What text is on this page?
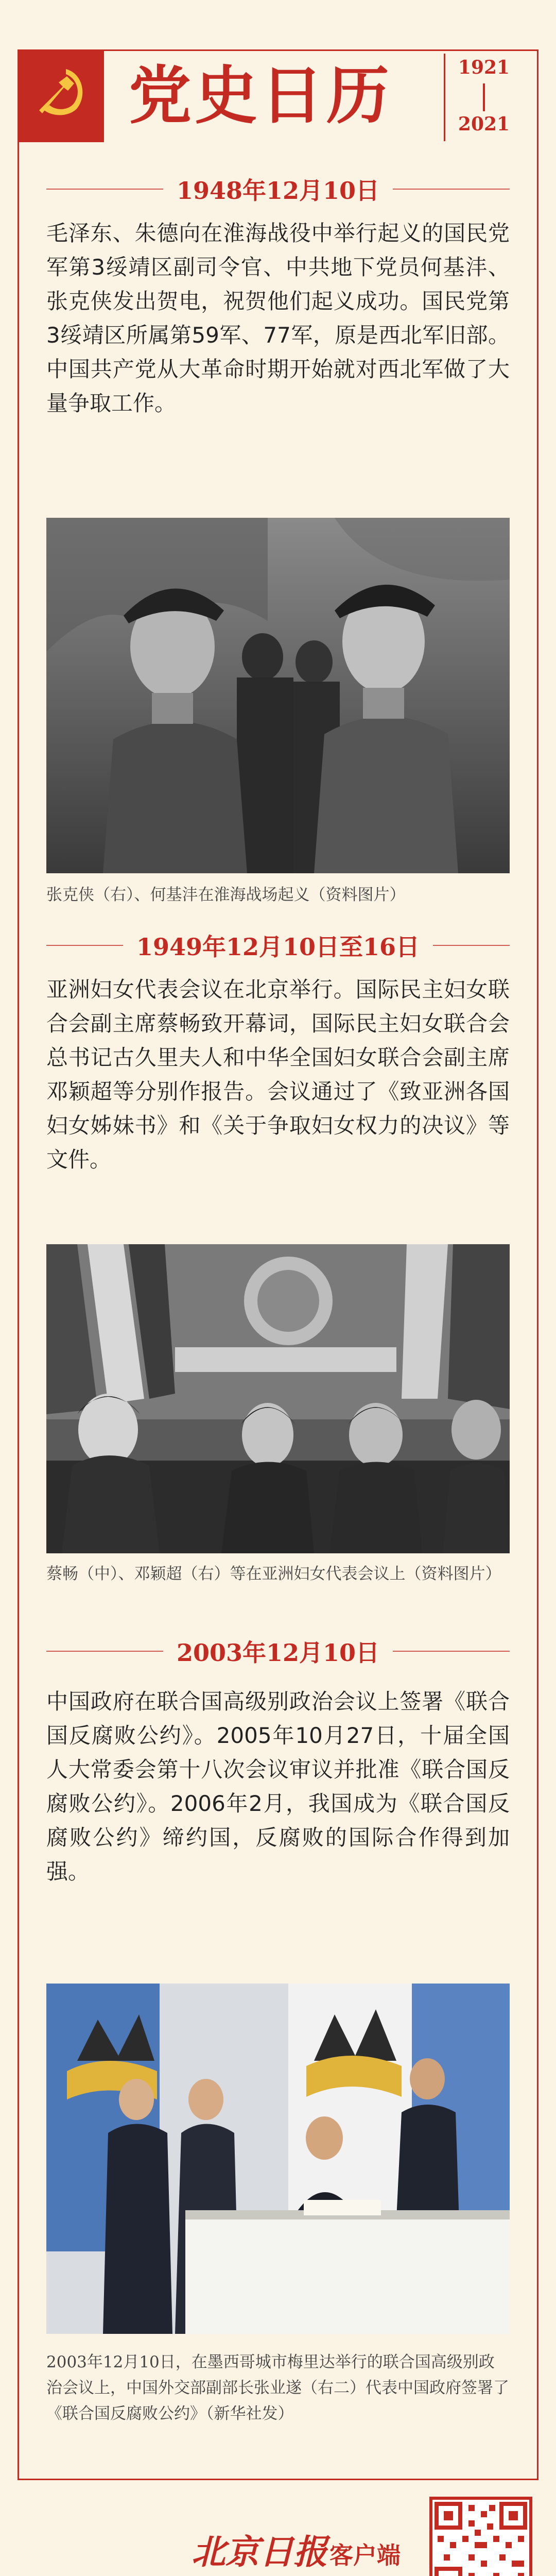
党史日历	1921
2021
1948年12月10日
毛泽东、朱德向在淮海战役中举行起义的国民党军第3绥靖区副司令官、中共地下党员何基沣、张克侠发出贺电，祝贺他们起义成功。国民党第3绥靖区所属第59军、77军，原是西北军旧部。中国共产党从大革命时期开始就对西北军做了大量争取工作。
张克侠（右）、何基沣在淮海战场起义（资料图片）
1949年12月10日至16日
亚洲妇女代表会议在北京举行。国际民主妇女联合会副主席蔡畅致开幕词，国际民主妇女联合会总书记古久里夫人和中华全国妇女联合会副主席邓颖超等分别作报告。会议通过了《致亚洲各国妇女姊妹书》和《关于争取妇女权力的决议》等文件。
蔡畅（中）、邓颖超（右）等在亚洲妇女代表会议上（资料图片）
2003年12月10日
中国政府在联合国高级别政治会议上签署《联合国反腐败公约》。2005年10月27日，十届全国人大常委会第十八次会议审议并批准《联合国反腐败公约》。2006年2月，我国成为《联合国反腐败公约》缔约国，反腐败的国际合作得到加强。
2003年12月10日，在墨西哥城市梅里达举行的联合国高级别政治会议上，中国外交部副部长张业遂（右二）代表中国政府签署了《联合国反腐败公约》（新华社发）
北京日报客户端
